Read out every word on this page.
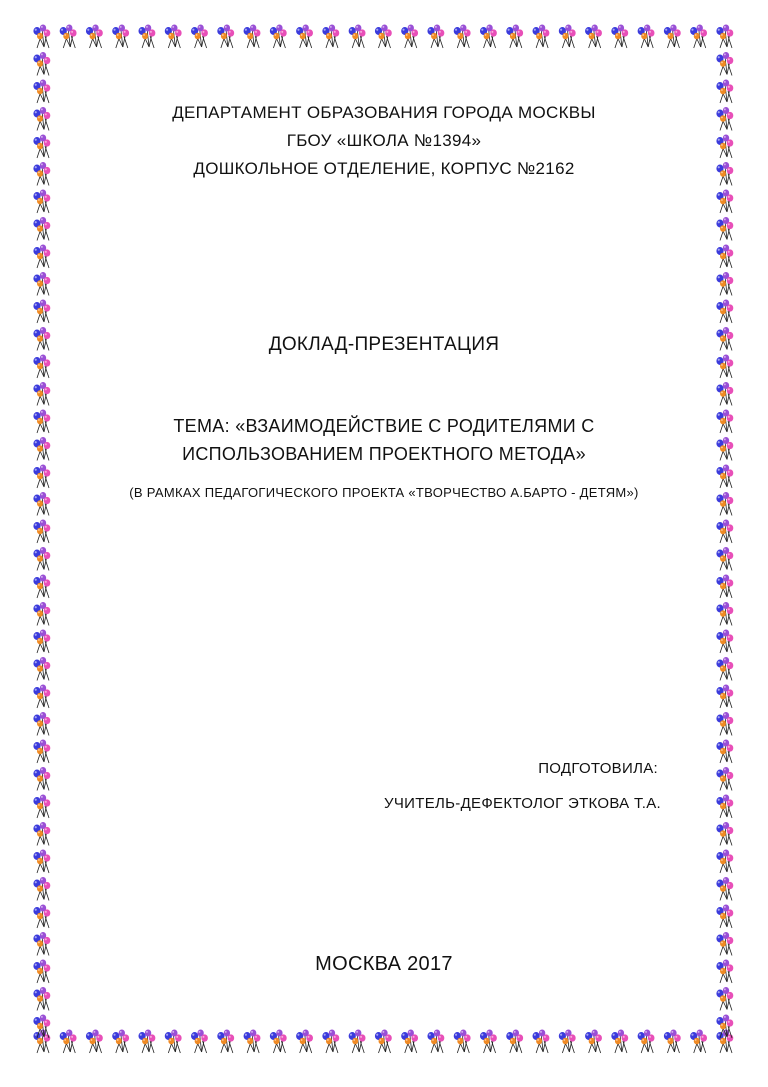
ДЕПАРТАМЕНТ ОБРАЗОВАНИЯ ГОРОДА МОСКВЫ
ГБОУ «ШКОЛА №1394»
ДОШКОЛЬНОЕ ОТДЕЛЕНИЕ, КОРПУС №2162
ДОКЛАД-ПРЕЗЕНТАЦИЯ
ТЕМА: «ВЗАИМОДЕЙСТВИЕ С РОДИТЕЛЯМИ С
ИСПОЛЬЗОВАНИЕМ ПРОЕКТНОГО МЕТОДА»
(В РАМКАХ ПЕДАГОГИЧЕСКОГО ПРОЕКТА «ТВОРЧЕСТВО А.БАРТО - ДЕТЯМ»)
ПОДГОТОВИЛА:
УЧИТЕЛЬ-ДЕФЕКТОЛОГ ЭТКОВА Т.А.
МОСКВА 2017
